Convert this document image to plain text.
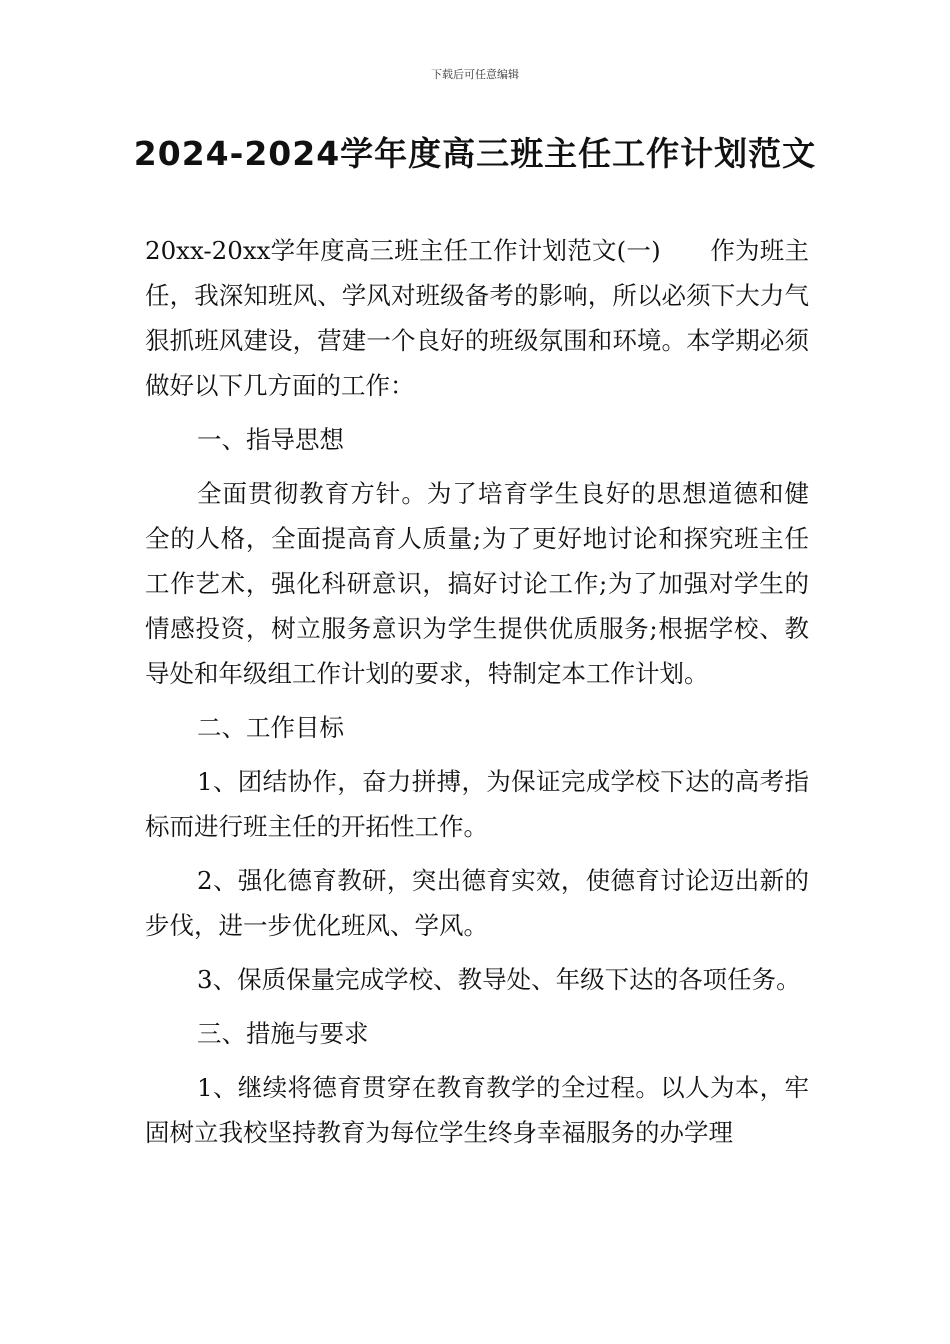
下载后可任意编辑
2024-2024学年度高三班主任工作计划范文

20xx-20xx学年度高三班主任工作计划范文(一)　　作为班主任，我深知班风、学风对班级备考的影响，所以必须下大力气狠抓班风建设，营建一个良好的班级氛围和环境。本学期必须做好以下几方面的工作：

一、指导思想

全面贯彻教育方针。为了培育学生良好的思想道德和健全的人格，全面提高育人质量;为了更好地讨论和探究班主任工作艺术，强化科研意识，搞好讨论工作;为了加强对学生的情感投资，树立服务意识为学生提供优质服务;根据学校、教导处和年级组工作计划的要求，特制定本工作计划。

二、工作目标

1、团结协作，奋力拼搏，为保证完成学校下达的高考指标而进行班主任的开拓性工作。

2、强化德育教研，突出德育实效，使德育讨论迈出新的步伐，进一步优化班风、学风。

3、保质保量完成学校、教导处、年级下达的各项任务。

三、措施与要求

1、继续将德育贯穿在教育教学的全过程。以人为本，牢固树立我校坚持教育为每位学生终身幸福服务的办学理
